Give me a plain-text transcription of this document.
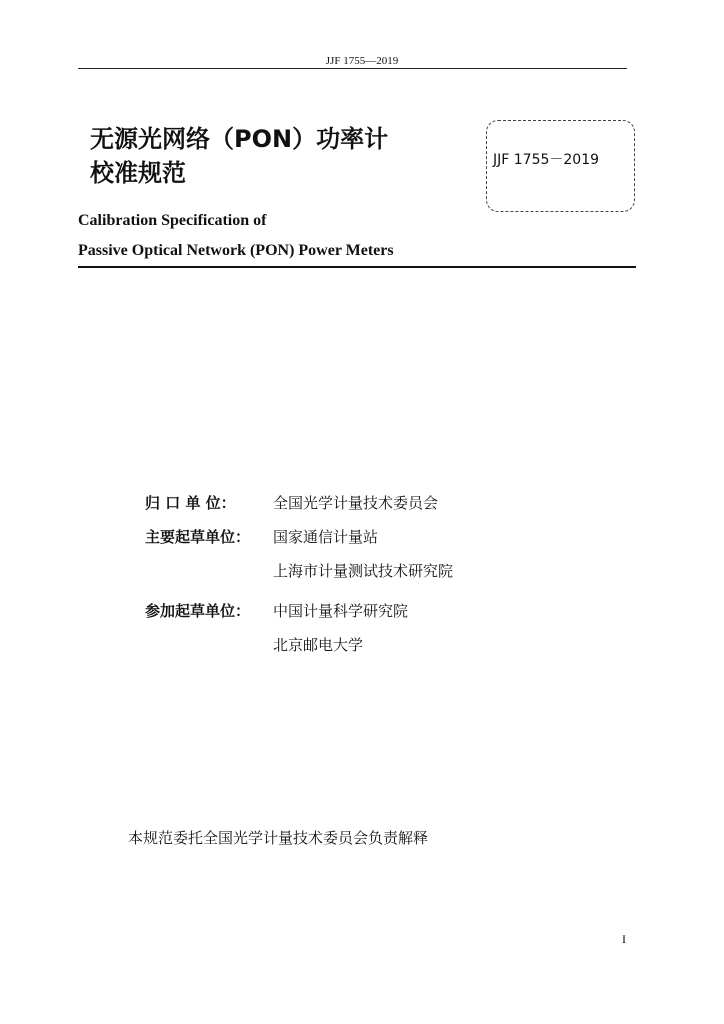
JJF 1755—2019
无源光网络（PON）功率计
校准规范	JJF 1755－2019
Calibration Specification of
Passive Optical Network (PON) Power Meters
归 口 单 位：	全国光学计量技术委员会
主要起草单位：	国家通信计量站
上海市计量测试技术研究院
参加起草单位：	中国计量科学研究院
北京邮电大学
本规范委托全国光学计量技术委员会负责解释
I
